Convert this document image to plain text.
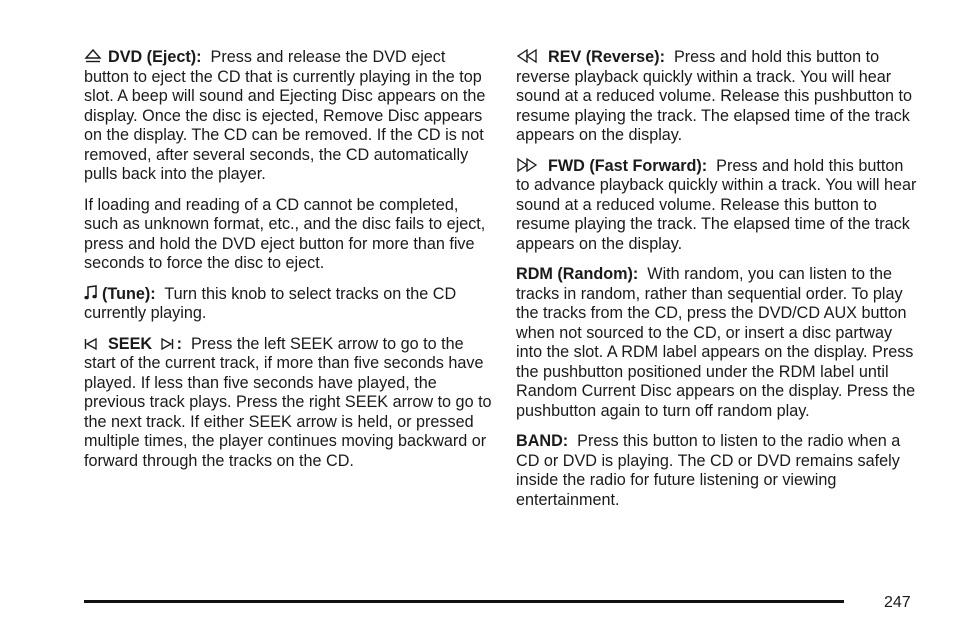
DVD (Eject): Press and release the DVD eject button to eject the CD that is currently playing in the top slot. A beep will sound and Ejecting Disc appears on the display. Once the disc is ejected, Remove Disc appears on the display. The CD can be removed. If the CD is not removed, after several seconds, the CD automatically pulls back into the player.

If loading and reading of a CD cannot be completed, such as unknown format, etc., and the disc fails to eject, press and hold the DVD eject button for more than five seconds to force the disc to eject.

(Tune): Turn this knob to select tracks on the CD currently playing.

SEEK : Press the left SEEK arrow to go to the start of the current track, if more than five seconds have played. If less than five seconds have played, the previous track plays. Press the right SEEK arrow to go to the next track. If either SEEK arrow is held, or pressed multiple times, the player continues moving backward or forward through the tracks on the CD.

REV (Reverse): Press and hold this button to reverse playback quickly within a track. You will hear sound at a reduced volume. Release this pushbutton to resume playing the track. The elapsed time of the track appears on the display.

FWD (Fast Forward): Press and hold this button to advance playback quickly within a track. You will hear sound at a reduced volume. Release this button to resume playing the track. The elapsed time of the track appears on the display.

RDM (Random): With random, you can listen to the tracks in random, rather than sequential order. To play the tracks from the CD, press the DVD/CD AUX button when not sourced to the CD, or insert a disc partway into the slot. A RDM label appears on the display. Press the pushbutton positioned under the RDM label until Random Current Disc appears on the display. Press the pushbutton again to turn off random play.

BAND: Press this button to listen to the radio when a CD or DVD is playing. The CD or DVD remains safely inside the radio for future listening or viewing entertainment.

247
